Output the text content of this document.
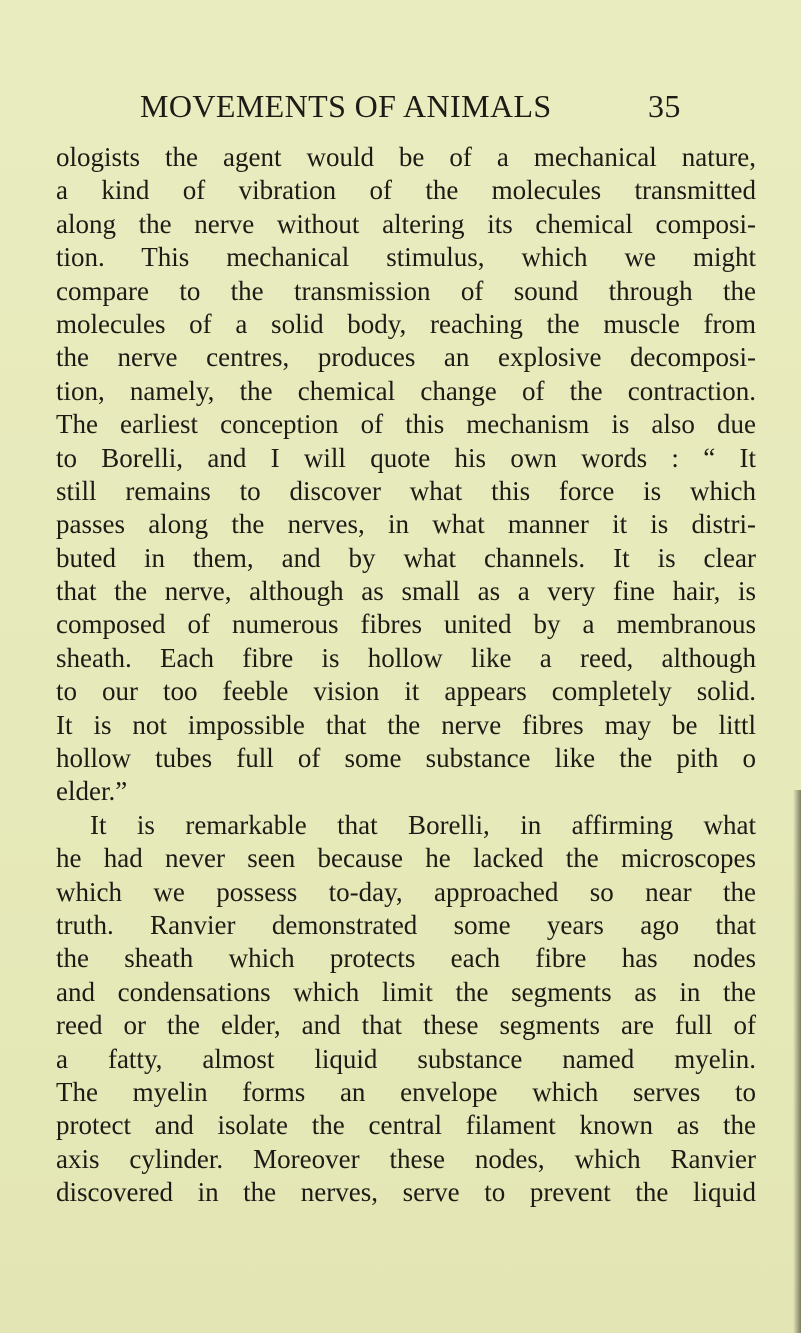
MOVEMENTS OF ANIMALS	35
ologists the agent would be of a mechanical nature,
a kind of vibration of the molecules transmitted
along the nerve without altering its chemical composi-
tion. This mechanical stimulus, which we might
compare to the transmission of sound through the
molecules of a solid body, reaching the muscle from
the nerve centres, produces an explosive decomposi-
tion, namely, the chemical change of the contraction.
The earliest conception of this mechanism is also due
to Borelli, and I will quote his own words : “ It
still remains to discover what this force is which
passes along the nerves, in what manner it is distri-
buted in them, and by what channels. It is clear
that the nerve, although as small as a very fine hair, is
composed of numerous fibres united by a membranous
sheath. Each fibre is hollow like a reed, although
to our too feeble vision it appears completely solid.
It is not impossible that the nerve fibres may be littl
hollow tubes full of some substance like the pith o
elder.”
It is remarkable that Borelli, in affirming what
he had never seen because he lacked the microscopes
which we possess to-day, approached so near the
truth. Ranvier demonstrated some years ago that
the sheath which protects each fibre has nodes
and condensations which limit the segments as in the
reed or the elder, and that these segments are full of
a fatty, almost liquid substance named myelin.
The myelin forms an envelope which serves to
protect and isolate the central filament known as the
axis cylinder. Moreover these nodes, which Ranvier
discovered in the nerves, serve to prevent the liquid
